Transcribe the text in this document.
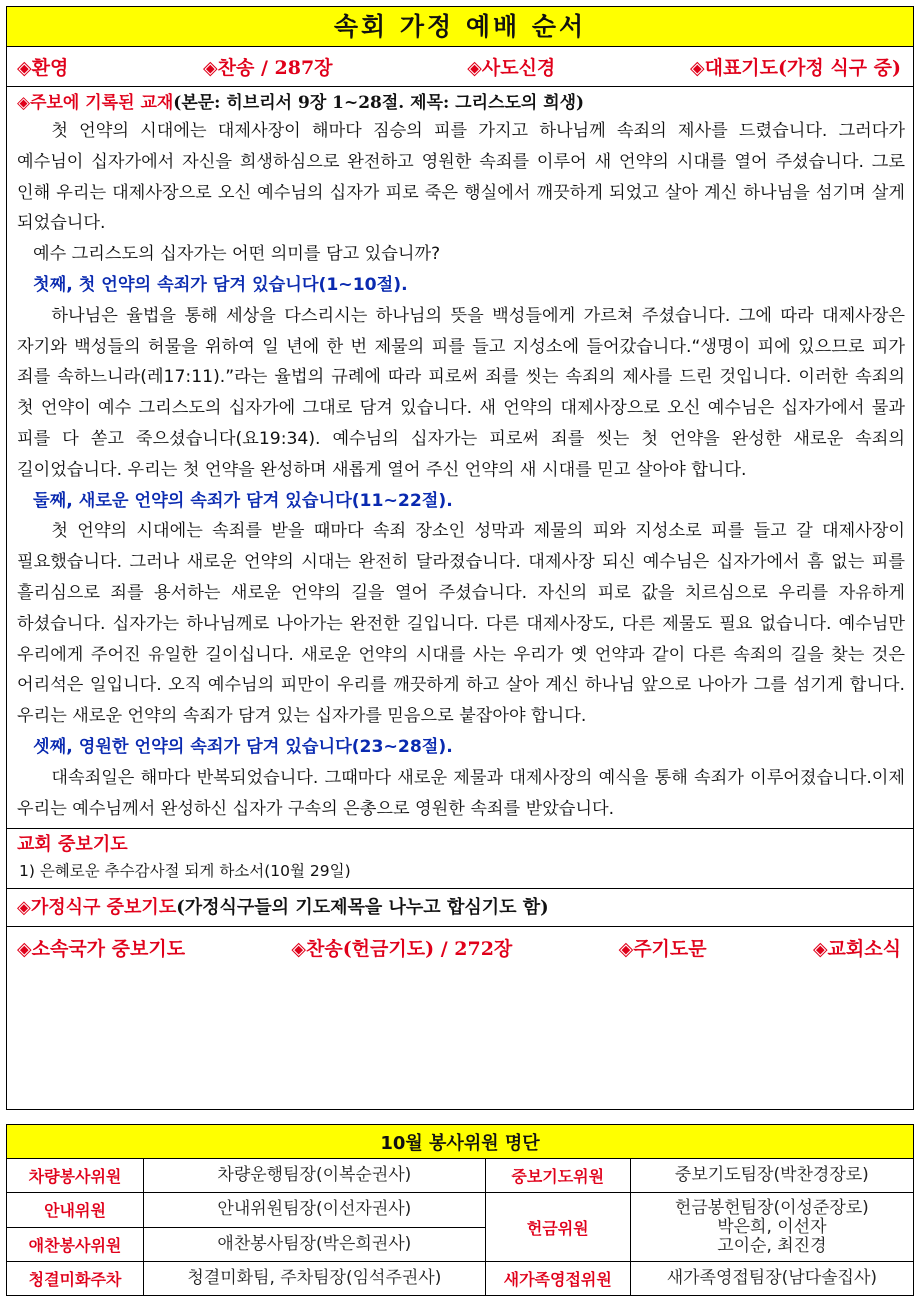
속회 가정 예배 순서
◈환영	◈찬송 / 287장	◈사도신경	◈대표기도(가정 식구 중)
◈주보에 기록된 교재(본문: 히브리서 9장 1~28절. 제목: 그리스도의 희생)

첫 언약의 시대에는 대제사장이 해마다 짐승의 피를 가지고 하나님께 속죄의 제사를 드렸습니다. 그러다가 예수님이 십자가에서 자신을 희생하심으로 완전하고 영원한 속죄를 이루어 새 언약의 시대를 열어 주셨습니다. 그로 인해 우리는 대제사장으로 오신 예수님의 십자가 피로 죽은 행실에서 깨끗하게 되었고 살아 계신 하나님을 섬기며 살게 되었습니다.

예수 그리스도의 십자가는 어떤 의미를 담고 있습니까?
첫째, 첫 언약의 속죄가 담겨 있습니다(1~10절).

하나님은 율법을 통해 세상을 다스리시는 하나님의 뜻을 백성들에게 가르쳐 주셨습니다. 그에 따라 대제사장은 자기와 백성들의 허물을 위하여 일 년에 한 번 제물의 피를 들고 지성소에 들어갔습니다.“생명이 피에 있으므로 피가 죄를 속하느니라(레17:11).”라는 율법의 규례에 따라 피로써 죄를 씻는 속죄의 제사를 드린 것입니다. 이러한 속죄의 첫 언약이 예수 그리스도의 십자가에 그대로 담겨 있습니다. 새 언약의 대제사장으로 오신 예수님은 십자가에서 물과 피를 다 쏟고 죽으셨습니다(요19:34). 예수님의 십자가는 피로써 죄를 씻는 첫 언약을 완성한 새로운 속죄의 길이었습니다. 우리는 첫 언약을 완성하며 새롭게 열어 주신 언약의 새 시대를 믿고 살아야 합니다.

둘째, 새로운 언약의 속죄가 담겨 있습니다(11~22절).

첫 언약의 시대에는 속죄를 받을 때마다 속죄 장소인 성막과 제물의 피와 지성소로 피를 들고 갈 대제사장이 필요했습니다. 그러나 새로운 언약의 시대는 완전히 달라졌습니다. 대제사장 되신 예수님은 십자가에서 흠 없는 피를 흘리심으로 죄를 용서하는 새로운 언약의 길을 열어 주셨습니다. 자신의 피로 값을 치르심으로 우리를 자유하게 하셨습니다. 십자가는 하나님께로 나아가는 완전한 길입니다. 다른 대제사장도, 다른 제물도 필요 없습니다. 예수님만 우리에게 주어진 유일한 길이십니다. 새로운 언약의 시대를 사는 우리가 옛 언약과 같이 다른 속죄의 길을 찾는 것은 어리석은 일입니다. 오직 예수님의 피만이 우리를 깨끗하게 하고 살아 계신 하나님 앞으로 나아가 그를 섬기게 합니다. 우리는 새로운 언약의 속죄가 담겨 있는 십자가를 믿음으로 붙잡아야 합니다.

셋째, 영원한 언약의 속죄가 담겨 있습니다(23~28절).

대속죄일은 해마다 반복되었습니다. 그때마다 새로운 제물과 대제사장의 예식을 통해 속죄가 이루어졌습니다.이제 우리는 예수님께서 완성하신 십자가 구속의 은총으로 영원한 속죄를 받았습니다.

교회 중보기도
1) 은혜로운 추수감사절 되게 하소서(10월 29일)
◈가정식구 중보기도(가정식구들의 기도제목을 나누고 합심기도 함)
◈소속국가 중보기도	◈찬송(헌금기도) / 272장	◈주기도문	◈교회소식
10월 봉사위원 명단			
차량봉사위원	차량운행팀장(이복순권사)	중보기도위원	중보기도팀장(박찬경장로)
안내위원	안내위원팀장(이선자권사)	헌금위원	헌금봉헌팀장(이성준장로)
박은희, 이선자
고이순, 최진경

애찬봉사위원	애찬봉사팀장(박은희권사)		
청결미화주차	청결미화팀, 주차팀장(임석주권사)	새가족영접위원	새가족영접팀장(남다솔집사)
